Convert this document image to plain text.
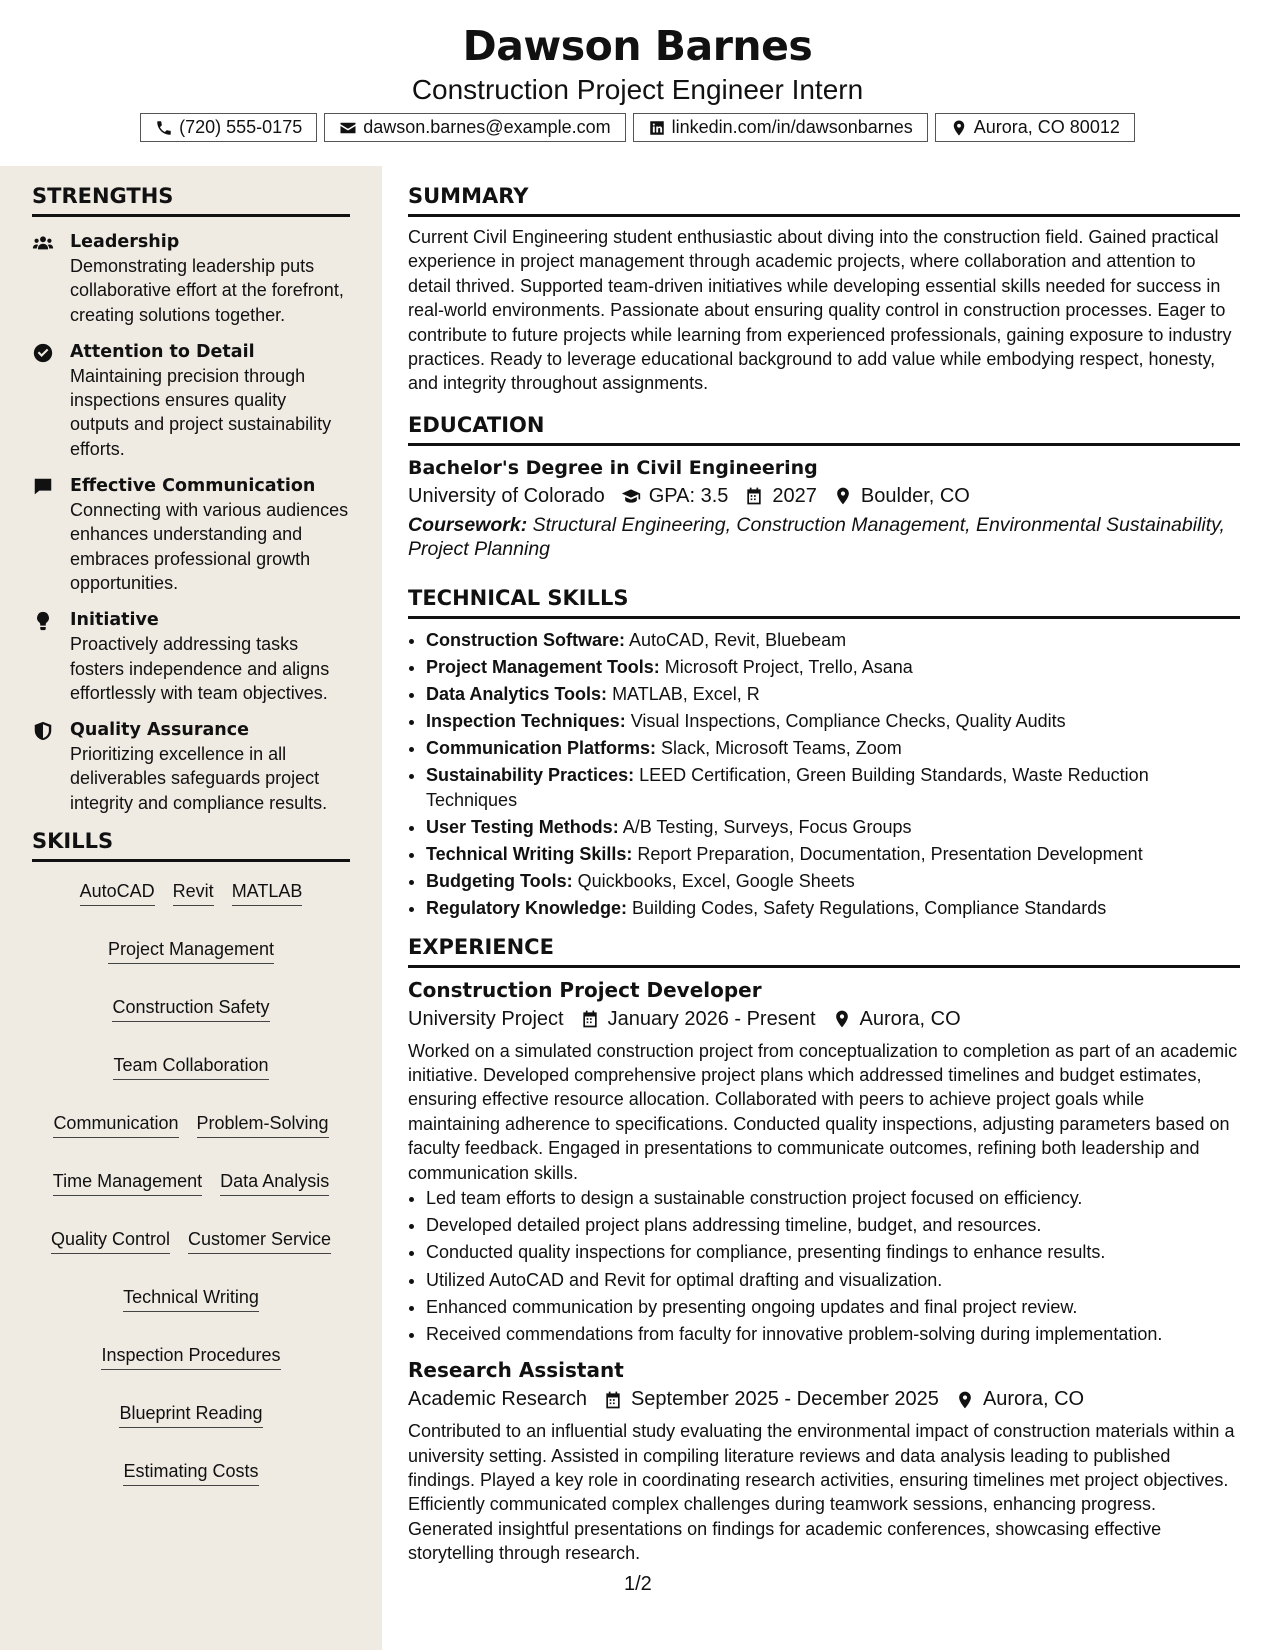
Dawson Barnes
Construction Project Engineer Intern
(720) 555-0175	dawson.barnes@example.com	linkedin.com/in/dawsonbarnes	Aurora, CO 80012
STRENGTHS
Leadership
Demonstrating leadership puts collaborative effort at the forefront, creating solutions together.
Attention to Detail
Maintaining precision through inspections ensures quality outputs and project sustainability efforts.
Effective Communication
Connecting with various audiences enhances understanding and embraces professional growth opportunities.
Initiative
Proactively addressing tasks fosters independence and aligns effortlessly with team objectives.
Quality Assurance
Prioritizing excellence in all deliverables safeguards project integrity and compliance results.
SKILLS
AutoCAD Revit MATLAB
Project Management
Construction Safety
Team Collaboration
Communication Problem-Solving
Time Management Data Analysis
Quality Control Customer Service
Technical Writing
Inspection Procedures
Blueprint Reading
Estimating Costs
SUMMARY

Current Civil Engineering student enthusiastic about diving into the construction field. Gained practical experience in project management through academic projects, where collaboration and attention to detail thrived. Supported team-driven initiatives while developing essential skills needed for success in real-world environments. Passionate about ensuring quality control in construction processes. Eager to contribute to future projects while learning from experienced professionals, gaining exposure to industry practices. Ready to leverage educational background to add value while embodying respect, honesty, and integrity throughout assignments.

EDUCATION
Bachelor's Degree in Civil Engineering
University of Colorado GPA: 3.5 2027 Boulder, CO
Coursework: Structural Engineering, Construction Management, Environmental Sustainability, Project Planning
TECHNICAL SKILLS
• Construction Software: AutoCAD, Revit, Bluebeam
• Project Management Tools: Microsoft Project, Trello, Asana
• Data Analytics Tools: MATLAB, Excel, R
• Inspection Techniques: Visual Inspections, Compliance Checks, Quality Audits
• Communication Platforms: Slack, Microsoft Teams, Zoom
• Sustainability Practices: LEED Certification, Green Building Standards, Waste Reduction Techniques
• User Testing Methods: A/B Testing, Surveys, Focus Groups
• Technical Writing Skills: Report Preparation, Documentation, Presentation Development
• Budgeting Tools: Quickbooks, Excel, Google Sheets
• Regulatory Knowledge: Building Codes, Safety Regulations, Compliance Standards
EXPERIENCE
Construction Project Developer
University Project January 2026 - Present Aurora, CO

Worked on a simulated construction project from conceptualization to completion as part of an academic initiative. Developed comprehensive project plans which addressed timelines and budget estimates, ensuring effective resource allocation. Collaborated with peers to achieve project goals while maintaining adherence to specifications. Conducted quality inspections, adjusting parameters based on faculty feedback. Engaged in presentations to communicate outcomes, refining both leadership and communication skills.

• Led team efforts to design a sustainable construction project focused on efficiency.
• Developed detailed project plans addressing timeline, budget, and resources.
• Conducted quality inspections for compliance, presenting findings to enhance results.
• Utilized AutoCAD and Revit for optimal drafting and visualization.
• Enhanced communication by presenting ongoing updates and final project review.
• Received commendations from faculty for innovative problem-solving during implementation.
Research Assistant
Academic Research September 2025 - December 2025 Aurora, CO

Contributed to an influential study evaluating the environmental impact of construction materials within a university setting. Assisted in compiling literature reviews and data analysis leading to published findings. Played a key role in coordinating research activities, ensuring timelines met project objectives. Efficiently communicated complex challenges during teamwork sessions, enhancing progress. Generated insightful presentations on findings for academic conferences, showcasing effective storytelling through research.

1/2
